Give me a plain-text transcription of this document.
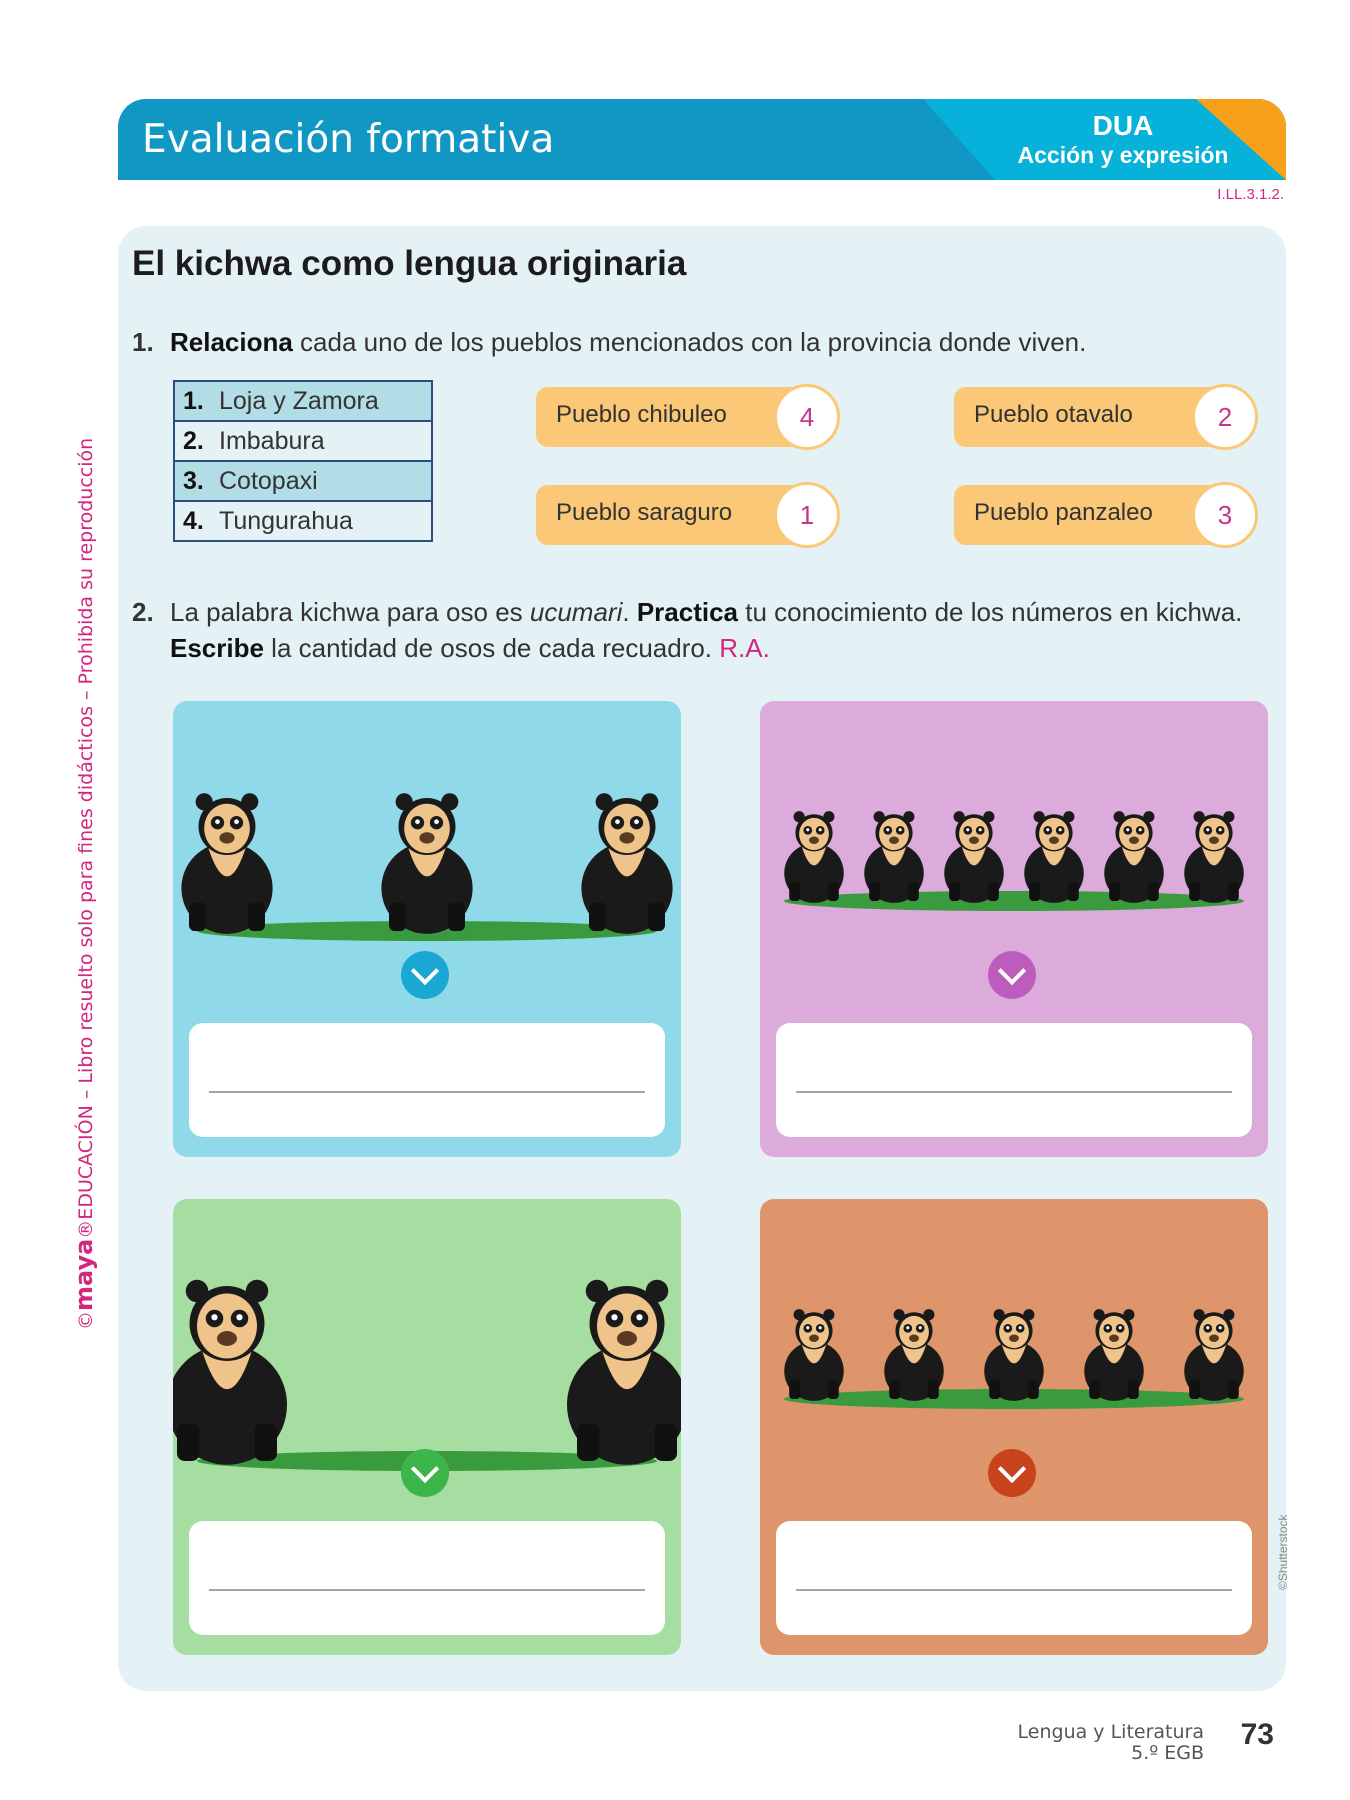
©maya®EDUCACIÓN – Libro resuelto solo para fines didácticos – Prohibida su reproducción
Evaluación formativa	DUA
Acción y expresión
I.LL.3.1.2.
El kichwa como lengua originaria
1. Relaciona cada uno de los pueblos mencionados con la provincia donde viven.
1. Loja y Zamora
2. Imbabura
3. Cotopaxi
4. Tungurahua
Pueblo chibuleo	4	Pueblo otavalo	2
Pueblo saraguro	1	Pueblo panzaleo	3
2. La palabra kichwa para oso es ucumari. Practica tu conocimiento de los números en kichwa.
Escribe la cantidad de osos de cada recuadro. R.A.
©Shutterstock
Lengua y Literatura
5.º EGB
73
